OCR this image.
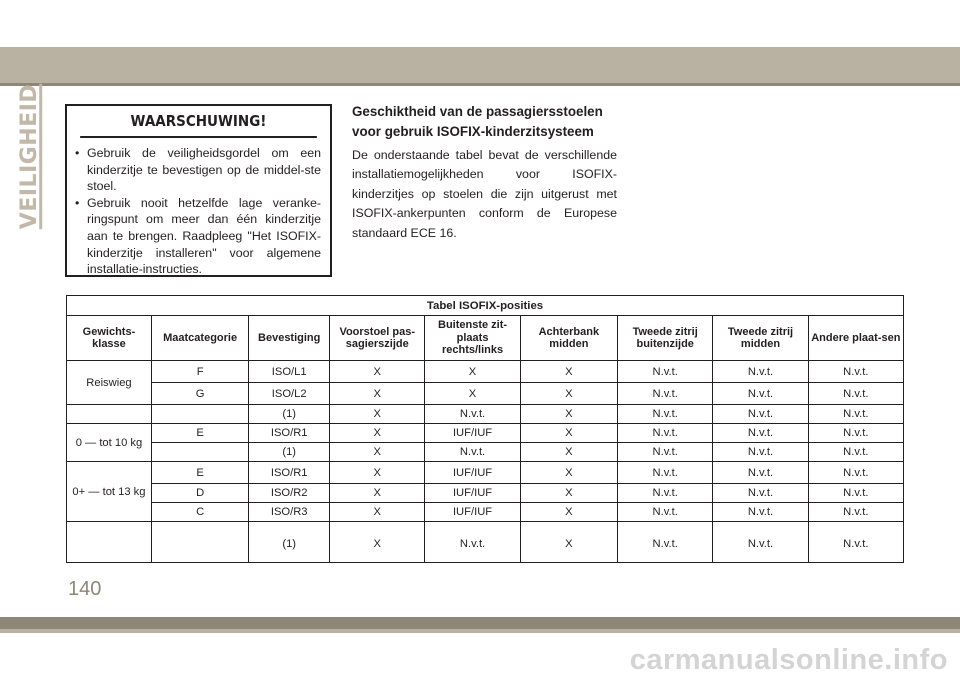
VEILIGHEID	WAARSCHUWING!
• Gebruik de veiligheidsgordel om een kinderzitje te bevestigen op de middel-ste stoel.
• Gebruik nooit hetzelfde lage veranke-ringspunt om meer dan één kinderzitje aan te brengen. Raadpleeg "Het ISOFIX-kinderzitje installeren" voor algemene installatie-instructies.
Geschiktheid van de passagiersstoelen voor gebruik ISOFIX-kinderzitsysteem

De onderstaande tabel bevat de verschillende installatiemogelijkheden voor ISOFIX-kinderzitjes op stoelen die zijn uitgerust met ISOFIX-ankerpunten conform de Europese standaard ECE 16.

Tabel ISOFIX-posities								
Gewichts-klasse	Maatcategorie	Bevestiging	Voorstoel pas-sagierszijde	Buitenste zit-plaats rechts/links	Achterbank midden	Tweede zitrij buitenzijde	Tweede zitrij midden	Andere plaat-sen
Reiswieg	F	ISO/L1	X	X	X	N.v.t.	N.v.t.	N.v.t.
	G	ISO/L2	X	X	X	N.v.t.	N.v.t.	N.v.t.
		(1)	X	N.v.t.	X	N.v.t.	N.v.t.	N.v.t.
0 — tot 10 kg	E	ISO/R1	X	IUF/IUF	X	N.v.t.	N.v.t.	N.v.t.
		(1)	X	N.v.t.	X	N.v.t.	N.v.t.	N.v.t.
0+ — tot 13 kg	E	ISO/R1	X	IUF/IUF	X	N.v.t.	N.v.t.	N.v.t.
	D	ISO/R2	X	IUF/IUF	X	N.v.t.	N.v.t.	N.v.t.
	C	ISO/R3	X	IUF/IUF	X	N.v.t.	N.v.t.	N.v.t.
		(1)	X	N.v.t.	X	N.v.t.	N.v.t.	N.v.t.
140
carmanualsonline.info
